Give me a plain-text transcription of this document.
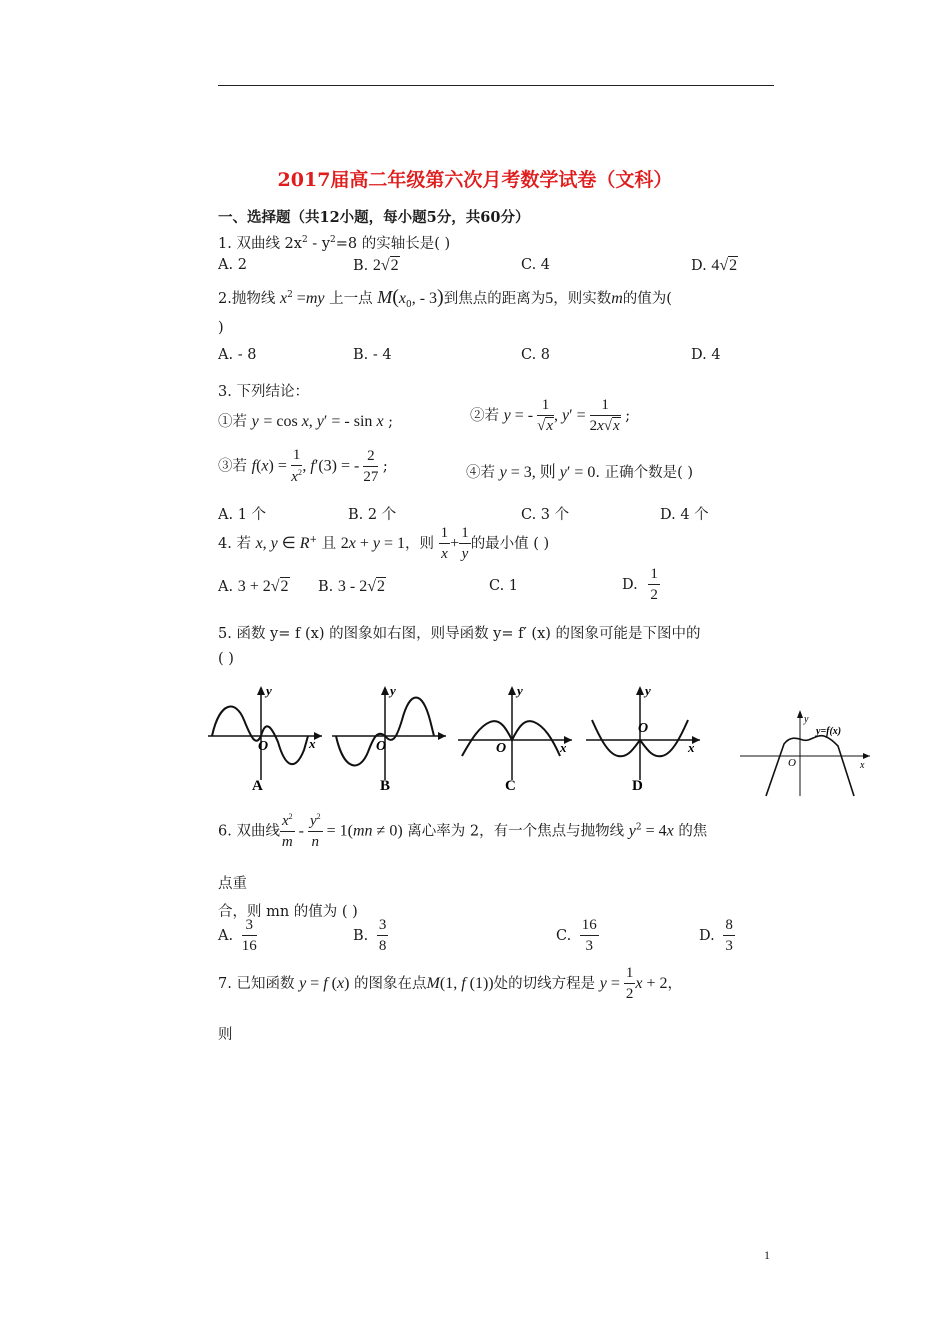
2017届高二年级第六次月考数学试卷（文科）
一、选择题（共12小题，每小题5分，共60分）
1. 双曲线 $2x^2 - y^2=8$ 的实轴长是( )
A. 2	B. 2√2	C. 4	D. 4√2
2.抛物线 $x^2 =my$ 上一点 $M(x_0$, - 3)到焦点的距离为5，则实数m的值为(
)
A. - 8	B. - 4	C. 8	D. 4
3. 下列结论：
①若 y = cos x, y′ = - sin x ;	②若 y = - $\frac{1}{√x}$ , $y' = \frac{1}{2x√x}$ ;
③若 $f(x) = \frac{1}{x^2}$ , f′(3) = - $\frac{2}{27}$ ;	④若 y = 3, 则 y′ = 0. 正确个数是( )
A. 1 个	B. 2 个	C. 3 个	D. 4 个
4. 若 x, y ∈ R+ 且 2x + y = 1，则 $\frac{1}{x} + \frac{1}{y}$ 的最小值 ( )
A. 3 + 2√2 B. 3 - 2√2	C. 1	D. $\frac{1}{2}$
5. 函数 y= f (x) 的图象如右图，则导函数 y= f′ (x) 的图象可能是下图中的
( )
y
x
O
A
y
O
B
y
x
O
C
y
x
O
D
y
x
O
y=f(x)
6. 双曲线 $\frac{x^2}{m} - \frac{y^2}{n} = 1(mn \ne 0)$ 离心率为 2，有一个焦点与抛物线 $y^2 = 4x$ 的焦
点重
合，则 mn 的值为 ( )
A. $\frac{3}{16}$	B. $\frac{3}{8}$	C. $\frac{16}{3}$	D. $\frac{8}{3}$
7. 已知函数 y = f (x) 的图象在点M(1, f (1))处的切线方程是 $y = \frac{1}{2}$ x + 2，
则
1
